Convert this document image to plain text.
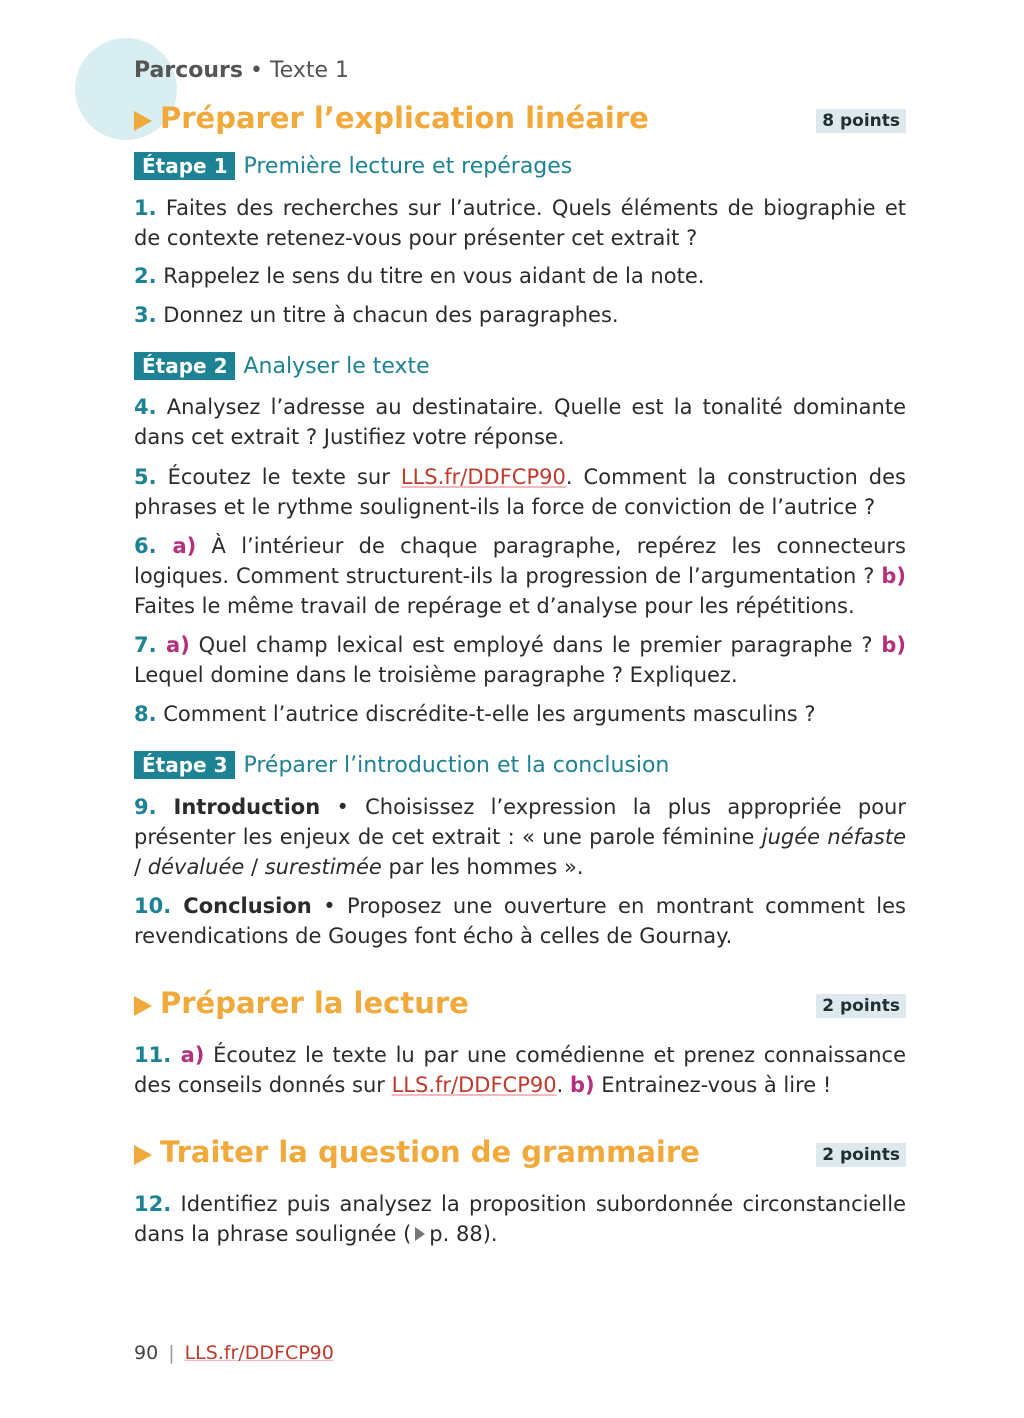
Parcours • Texte 1
Préparer l’explication linéaire	8 points
Étape 1 Première lecture et repérages
1. Faites des recherches sur l’autrice. Quels éléments de biographie et de contexte retenez-vous pour présenter cet extrait ?
2. Rappelez le sens du titre en vous aidant de la note.
3. Donnez un titre à chacun des paragraphes.
Étape 2 Analyser le texte
4. Analysez l’adresse au destinataire. Quelle est la tonalité dominante dans cet extrait ? Justifiez votre réponse.
5. Écoutez le texte sur LLS.fr/DDFCP90. Comment la construction des phrases et le rythme soulignent-ils la force de conviction de l’autrice ?
6. a) À l’intérieur de chaque paragraphe, repérez les connecteurs logiques. Comment structurent-ils la progression de l’argumentation ? b) Faites le même travail de repérage et d’analyse pour les répétitions.
7. a) Quel champ lexical est employé dans le premier paragraphe ? b) Lequel domine dans le troisième paragraphe ? Expliquez.
8. Comment l’autrice discrédite-t-elle les arguments masculins ?
Étape 3 Préparer l’introduction et la conclusion
9. Introduction • Choisissez l’expression la plus appropriée pour présenter les enjeux de cet extrait : « une parole féminine jugée néfaste / dévaluée / surestimée par les hommes ».
10. Conclusion • Proposez une ouverture en montrant comment les revendications de Gouges font écho à celles de Gournay.
Préparer la lecture	2 points
11. a) Écoutez le texte lu par une comédienne et prenez connaissance des conseils donnés sur LLS.fr/DDFCP90. b) Entrainez-vous à lire !
Traiter la question de grammaire	2 points
12. Identifiez puis analysez la proposition subordonnée circonstancielle dans la phrase soulignée ( p. 88).
90 | LLS.fr/DDFCP90
